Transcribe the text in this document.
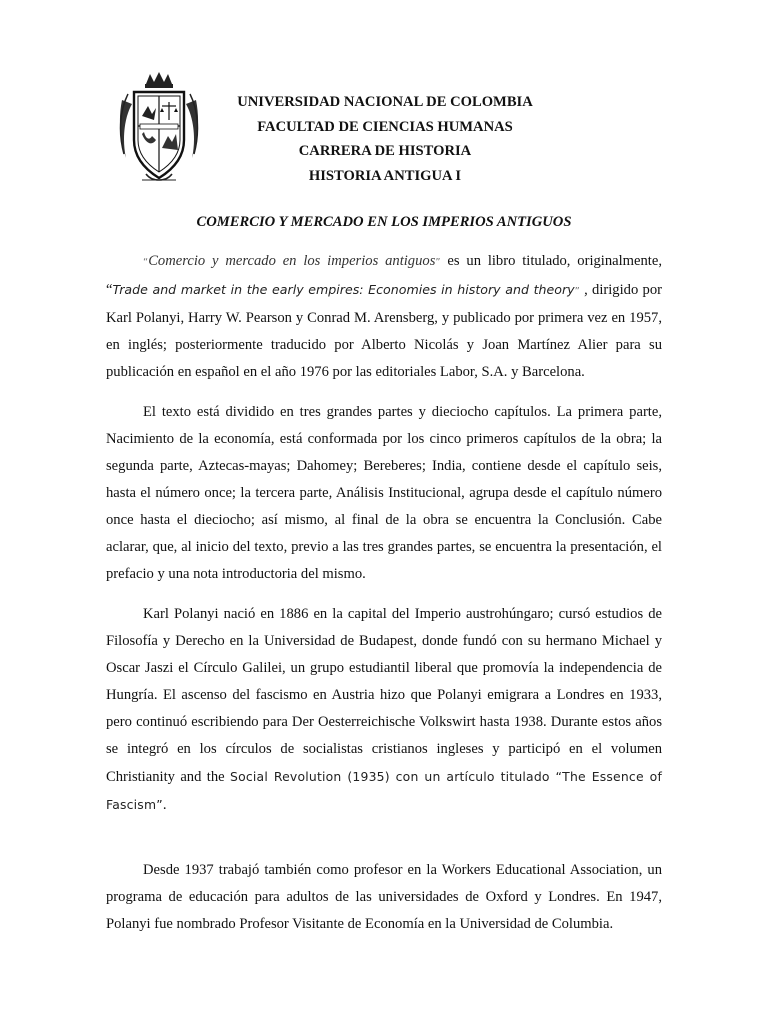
UNIVERSIDAD NACIONAL DE COLOMBIA
FACULTAD DE CIENCIAS HUMANAS
CARRERA DE HISTORIA
HISTORIA ANTIGUA I
COMERCIO Y MERCADO EN LOS IMPERIOS ANTIGUOS

“Comercio y mercado en los imperios antiguos” es un libro titulado, originalmente, “Trade and market in the early empires: Economies in history and theory” , dirigido por Karl Polanyi, Harry W. Pearson y Conrad M. Arensberg, y publicado por primera vez en 1957, en inglés; posteriormente traducido por Alberto Nicolás y Joan Martínez Alier para su publicación en español en el año 1976 por las editoriales Labor, S.A. y Barcelona.

El texto está dividido en tres grandes partes y dieciocho capítulos. La primera parte, Nacimiento de la economía, está conformada por los cinco primeros capítulos de la obra; la segunda parte, Aztecas-mayas; Dahomey; Bereberes; India, contiene desde el capítulo seis, hasta el número once; la tercera parte, Análisis Institucional, agrupa desde el capítulo número once hasta el dieciocho; así mismo, al final de la obra se encuentra la Conclusión. Cabe aclarar, que, al inicio del texto, previo a las tres grandes partes, se encuentra la presentación, el prefacio y una nota introductoria del mismo.

Karl Polanyi nació en 1886 en la capital del Imperio austrohúngaro; cursó estudios de Filosofía y Derecho en la Universidad de Budapest, donde fundó con su hermano Michael y Oscar Jaszi el Círculo Galilei, un grupo estudiantil liberal que promovía la independencia de Hungría. El ascenso del fascismo en Austria hizo que Polanyi emigrara a Londres en 1933, pero continuó escribiendo para Der Oesterreichische Volkswirt hasta 1938. Durante estos años se integró en los círculos de socialistas cristianos ingleses y participó en el volumen Christianity and the Social Revolution (1935) con un artículo titulado “The Essence of Fascism”.

Desde 1937 trabajó también como profesor en la Workers Educational Association, un programa de educación para adultos de las universidades de Oxford y Londres. En 1947, Polanyi fue nombrado Profesor Visitante de Economía en la Universidad de Columbia.
